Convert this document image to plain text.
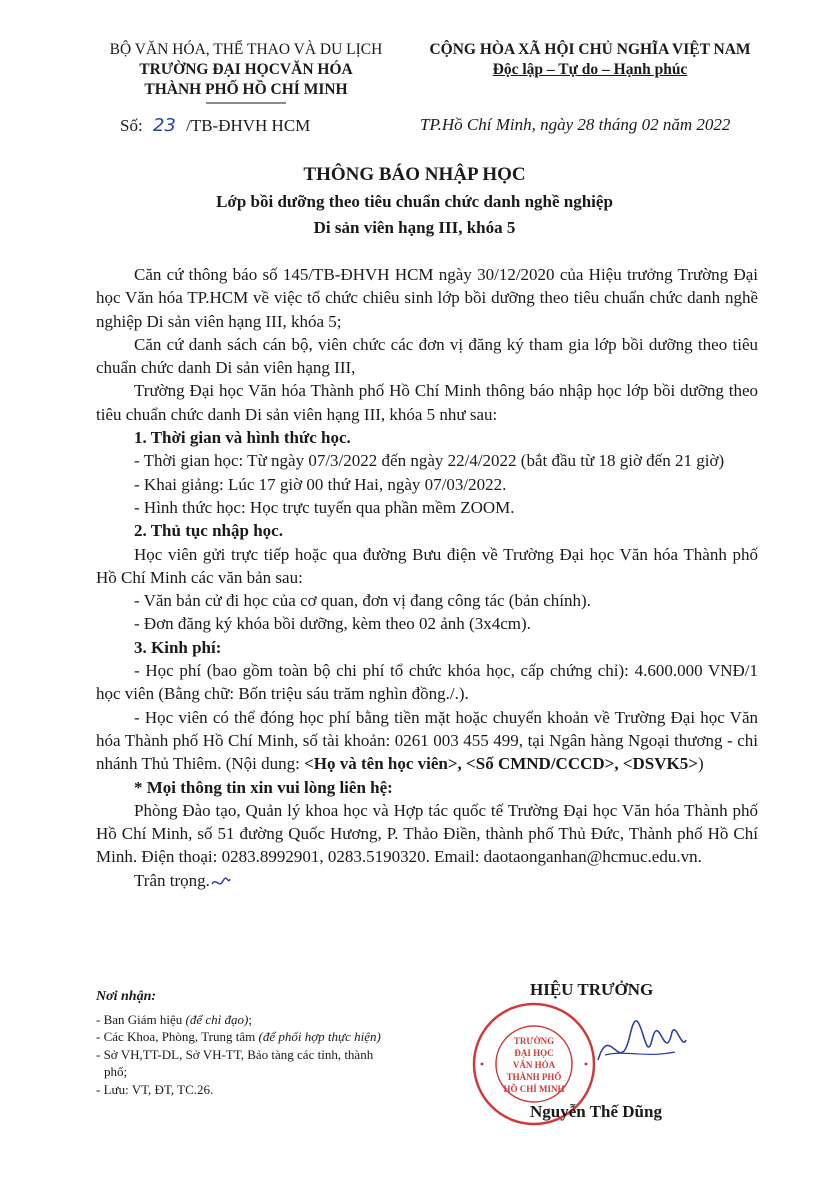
BỘ VĂN HÓA, THỂ THAO VÀ DU LỊCH
TRƯỜNG ĐẠI HỌCVĂN HÓA
THÀNH PHỐ HỒ CHÍ MINH
CỘNG HÒA XÃ HỘI CHỦ NGHĨA VIỆT NAM
Độc lập – Tự do – Hạnh phúc
Số: 23 /TB-ĐHVH HCM	TP.Hồ Chí Minh, ngày 28 tháng 02 năm 2022
THÔNG BÁO NHẬP HỌC
Lớp bồi dưỡng theo tiêu chuẩn chức danh nghề nghiệp
Di sản viên hạng III, khóa 5

Căn cứ thông báo số 145/TB-ĐHVH HCM ngày 30/12/2020 của Hiệu trưởng Trường Đại học Văn hóa TP.HCM về việc tổ chức chiêu sinh lớp bồi dưỡng theo tiêu chuẩn chức danh nghề nghiệp Di sản viên hạng III, khóa 5;

Căn cứ danh sách cán bộ, viên chức các đơn vị đăng ký tham gia lớp bồi dưỡng theo tiêu chuẩn chức danh Di sản viên hạng III,

Trường Đại học Văn hóa Thành phố Hồ Chí Minh thông báo nhập học lớp bồi dưỡng theo tiêu chuẩn chức danh Di sản viên hạng III, khóa 5 như sau:

1. Thời gian và hình thức học.

- Thời gian học: Từ ngày 07/3/2022 đến ngày 22/4/2022 (bắt đầu từ 18 giờ đến 21 giờ)

- Khai giảng: Lúc 17 giờ 00 thứ Hai, ngày 07/03/2022.

- Hình thức học: Học trực tuyến qua phần mềm ZOOM.

2. Thủ tục nhập học.

Học viên gửi trực tiếp hoặc qua đường Bưu điện về Trường Đại học Văn hóa Thành phố Hồ Chí Minh các văn bản sau:

- Văn bản cử đi học của cơ quan, đơn vị đang công tác (bản chính).

- Đơn đăng ký khóa bồi dưỡng, kèm theo 02 ảnh (3x4cm).

3. Kinh phí:

- Học phí (bao gồm toàn bộ chi phí tổ chức khóa học, cấp chứng chỉ): 4.600.000 VNĐ/1 học viên (Bằng chữ: Bốn triệu sáu trăm nghìn đồng./.).

- Học viên có thể đóng học phí bằng tiền mặt hoặc chuyển khoản về Trường Đại học Văn hóa Thành phố Hồ Chí Minh, số tài khoản: 0261 003 455 499, tại Ngân hàng Ngoại thương - chi nhánh Thủ Thiêm. (Nội dung: <Họ và tên học viên>, <Số CMND/CCCD>, <DSVK5>)

* Mọi thông tin xin vui lòng liên hệ:

Phòng Đào tạo, Quản lý khoa học và Hợp tác quốc tế Trường Đại học Văn hóa Thành phố Hồ Chí Minh, số 51 đường Quốc Hương, P. Thảo Điền, thành phố Thủ Đức, Thành phố Hồ Chí Minh. Điện thoại: 0283.8992901, 0283.5190320. Email: daotaonganhan@hcmuc.edu.vn.

Trân trọng.

Nơi nhận:
- Ban Giám hiệu (để chỉ đạo);
- Các Khoa, Phòng, Trung tâm (để phối hợp thực hiện)
- Sở VH,TT-DL, Sở VH-TT, Bảo tàng các tỉnh, thành phố;
- Lưu: VT, ĐT, TC.26.
TRƯỜNG
ĐẠI HỌC
VĂN HÓA
THÀNH PHỐ
HỒ CHÍ MINH
HIỆU TRƯỞNG
Nguyễn Thế Dũng
